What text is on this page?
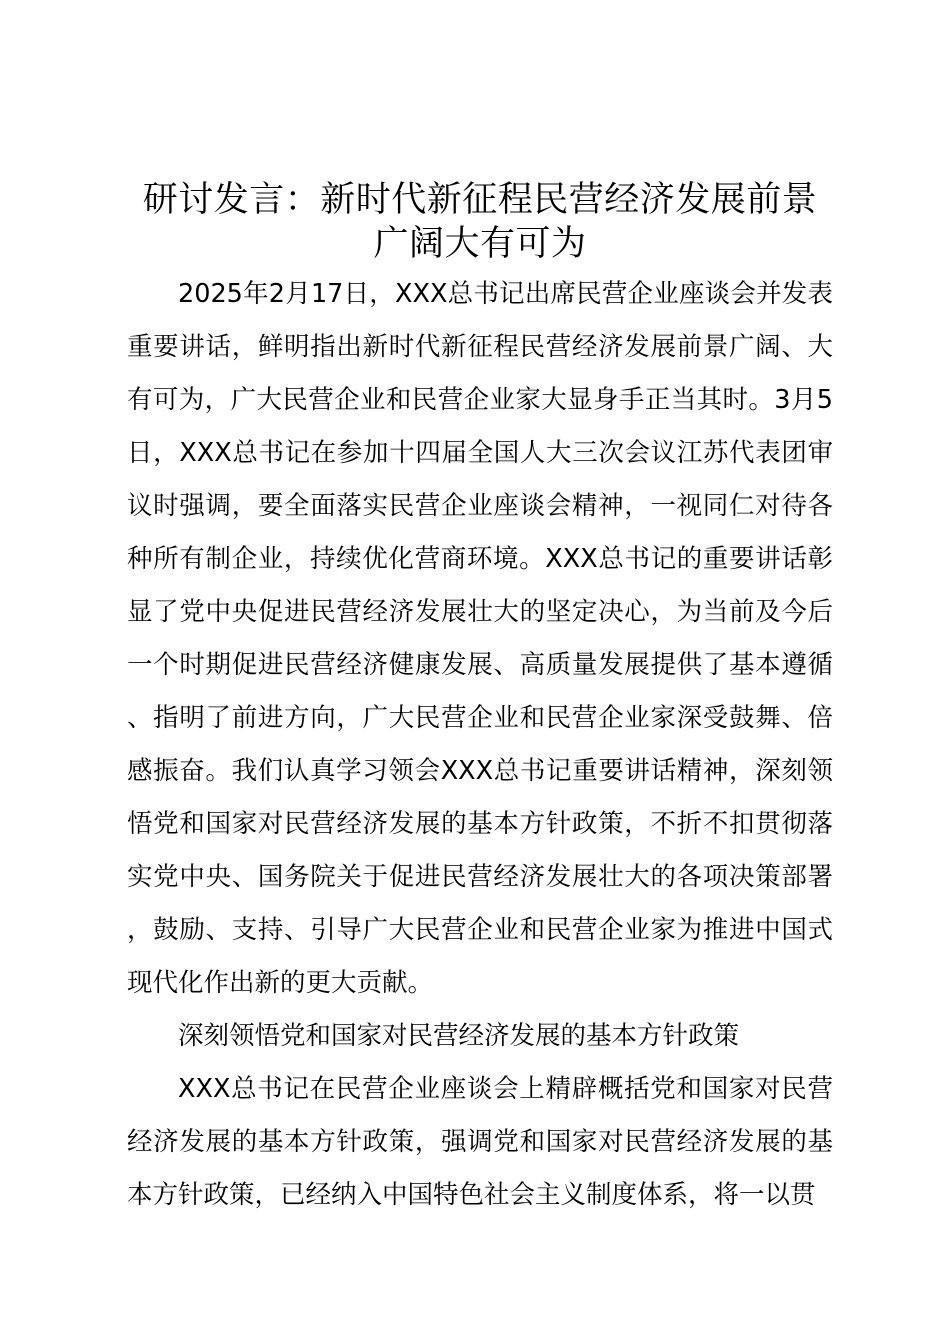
研讨发言：新时代新征程民营经济发展前景广阔大有可为

2025年2月17日，XXX总书记出席民营企业座谈会并发表重要讲话，鲜明指出新时代新征程民营经济发展前景广阔、大有可为，广大民营企业和民营企业家大显身手正当其时。3月5日，XXX总书记在参加十四届全国人大三次会议江苏代表团审议时强调，要全面落实民营企业座谈会精神，一视同仁对待各种所有制企业，持续优化营商环境。XXX总书记的重要讲话彰显了党中央促进民营经济发展壮大的坚定决心，为当前及今后一个时期促进民营经济健康发展、高质量发展提供了基本遵循、指明了前进方向，广大民营企业和民营企业家深受鼓舞、倍感振奋。我们认真学习领会XXX总书记重要讲话精神，深刻领悟党和国家对民营经济发展的基本方针政策，不折不扣贯彻落实党中央、国务院关于促进民营经济发展壮大的各项决策部署，鼓励、支持、引导广大民营企业和民营企业家为推进中国式现代化作出新的更大贡献。

深刻领悟党和国家对民营经济发展的基本方针政策

XXX总书记在民营企业座谈会上精辟概括党和国家对民营经济发展的基本方针政策，强调党和国家对民营经济发展的基本方针政策，已经纳入中国特色社会主义制度体系，将一以贯
